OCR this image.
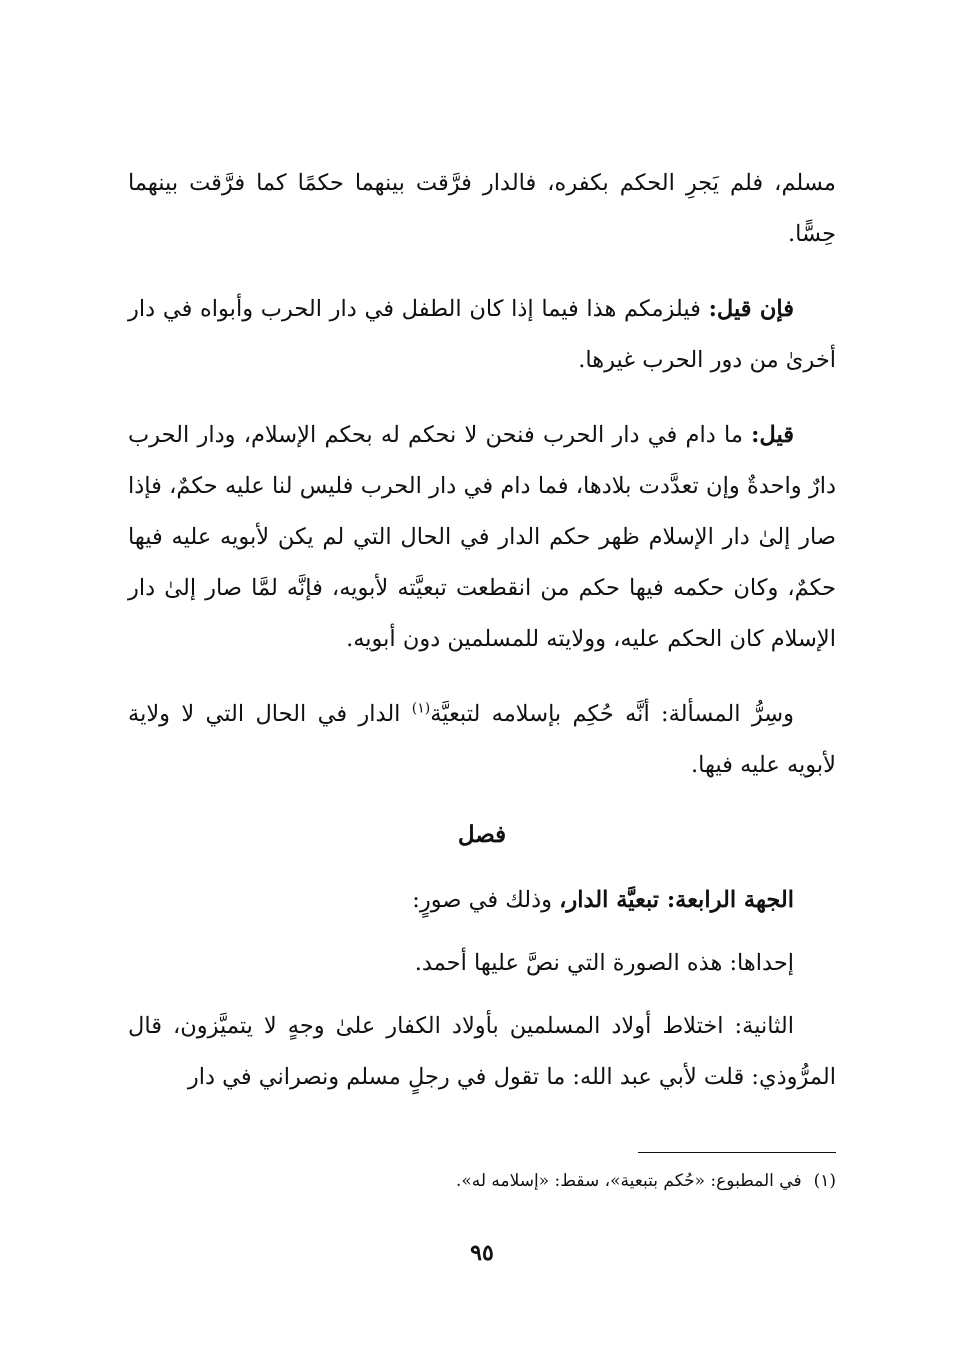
مسلم، فلم يَجرِ الحكم بكفره، فالدار فرَّقت بينهما حكمًا كما فرَّقت بينهما حِسًّا.

فإن قيل: فيلزمكم هذا فيما إذا كان الطفل في دار الحرب وأبواه في دار أخرىٰ من دور الحرب غيرها.

قيل: ما دام في دار الحرب فنحن لا نحكم له بحكم الإسلام، ودار الحرب دارٌ واحدةٌ وإن تعدَّدت بلادها، فما دام في دار الحرب فليس لنا عليه حكمٌ، فإذا صار إلىٰ دار الإسلام ظهر حكم الدار في الحال التي لم يكن لأبويه عليه فيها حكمٌ، وكان حكمه فيها حكم من انقطعت تبعيَّته لأبويه، فإنَّه لمَّا صار إلىٰ دار الإسلام كان الحكم عليه، وولايته للمسلمين دون أبويه.

وسِرُّ المسألة: أنَّه حُكِم بإسلامه لتبعيَّة$^{(١)}$ الدار في الحال التي لا ولاية لأبويه عليه فيها.

فصل

الجهة الرابعة: تبعيَّة الدار، وذلك في صورٍ:

إحداها: هذه الصورة التي نصَّ عليها أحمد.

الثانية: اختلاط أولاد المسلمين بأولاد الكفار علىٰ وجهٍ لا يتميَّزون، قال المرُّوذي: قلت لأبي عبد الله: ما تقول في رجلٍ مسلم ونصراني في دار

(١)في المطبوع: «حُكم بتبعية»، سقط: «إسلامه له».
٩٥
